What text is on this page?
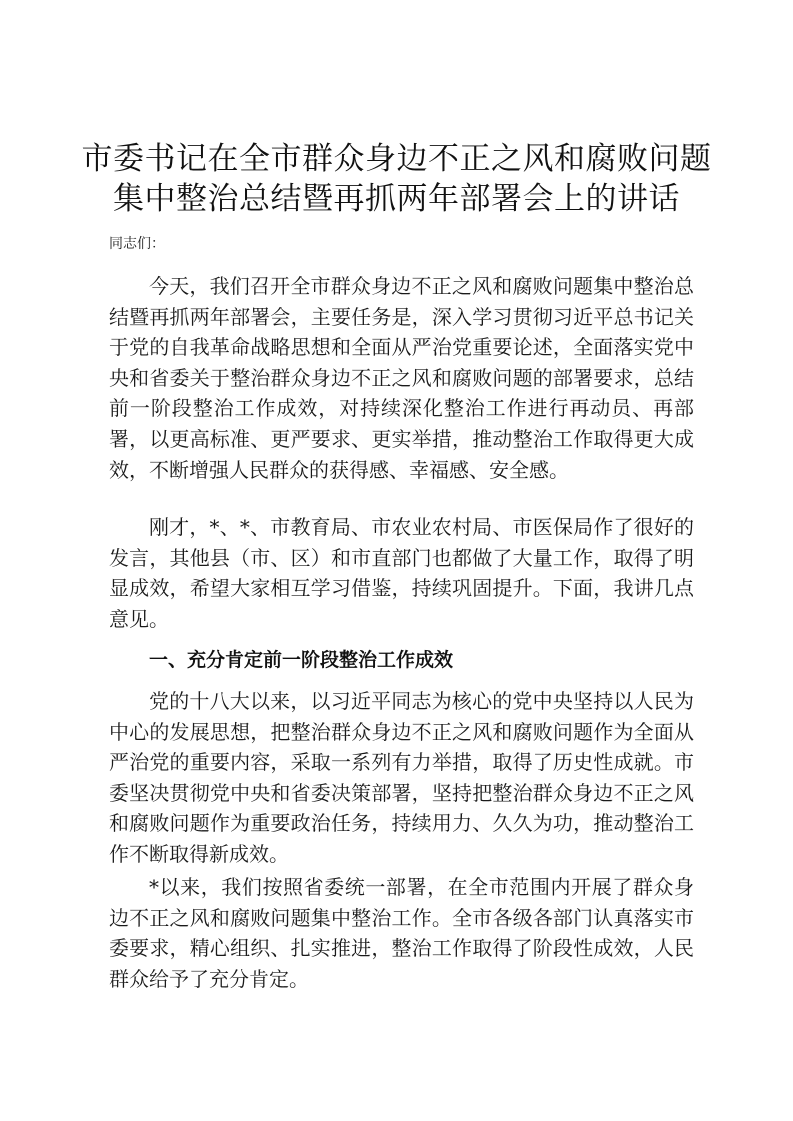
市委书记在全市群众身边不正之风和腐败问题
集中整治总结暨再抓两年部署会上的讲话
同志们：

今天，我们召开全市群众身边不正之风和腐败问题集中整治总结暨再抓两年部署会，主要任务是，深入学习贯彻习近平总书记关于党的自我革命战略思想和全面从严治党重要论述，全面落实党中央和省委关于整治群众身边不正之风和腐败问题的部署要求，总结前一阶段整治工作成效，对持续深化整治工作进行再动员、再部署，以更高标准、更严要求、更实举措，推动整治工作取得更大成效，不断增强人民群众的获得感、幸福感、安全感。

刚才，*、*、市教育局、市农业农村局、市医保局作了很好的发言，其他县（市、区）和市直部门也都做了大量工作，取得了明显成效，希望大家相互学习借鉴，持续巩固提升。下面，我讲几点意见。

一、充分肯定前一阶段整治工作成效

党的十八大以来，以习近平同志为核心的党中央坚持以人民为中心的发展思想，把整治群众身边不正之风和腐败问题作为全面从严治党的重要内容，采取一系列有力举措，取得了历史性成就。市委坚决贯彻党中央和省委决策部署，坚持把整治群众身边不正之风和腐败问题作为重要政治任务，持续用力、久久为功，推动整治工作不断取得新成效。

*以来，我们按照省委统一部署，在全市范围内开展了群众身边不正之风和腐败问题集中整治工作。全市各级各部门认真落实市委要求，精心组织、扎实推进，整治工作取得了阶段性成效，人民群众给予了充分肯定。
